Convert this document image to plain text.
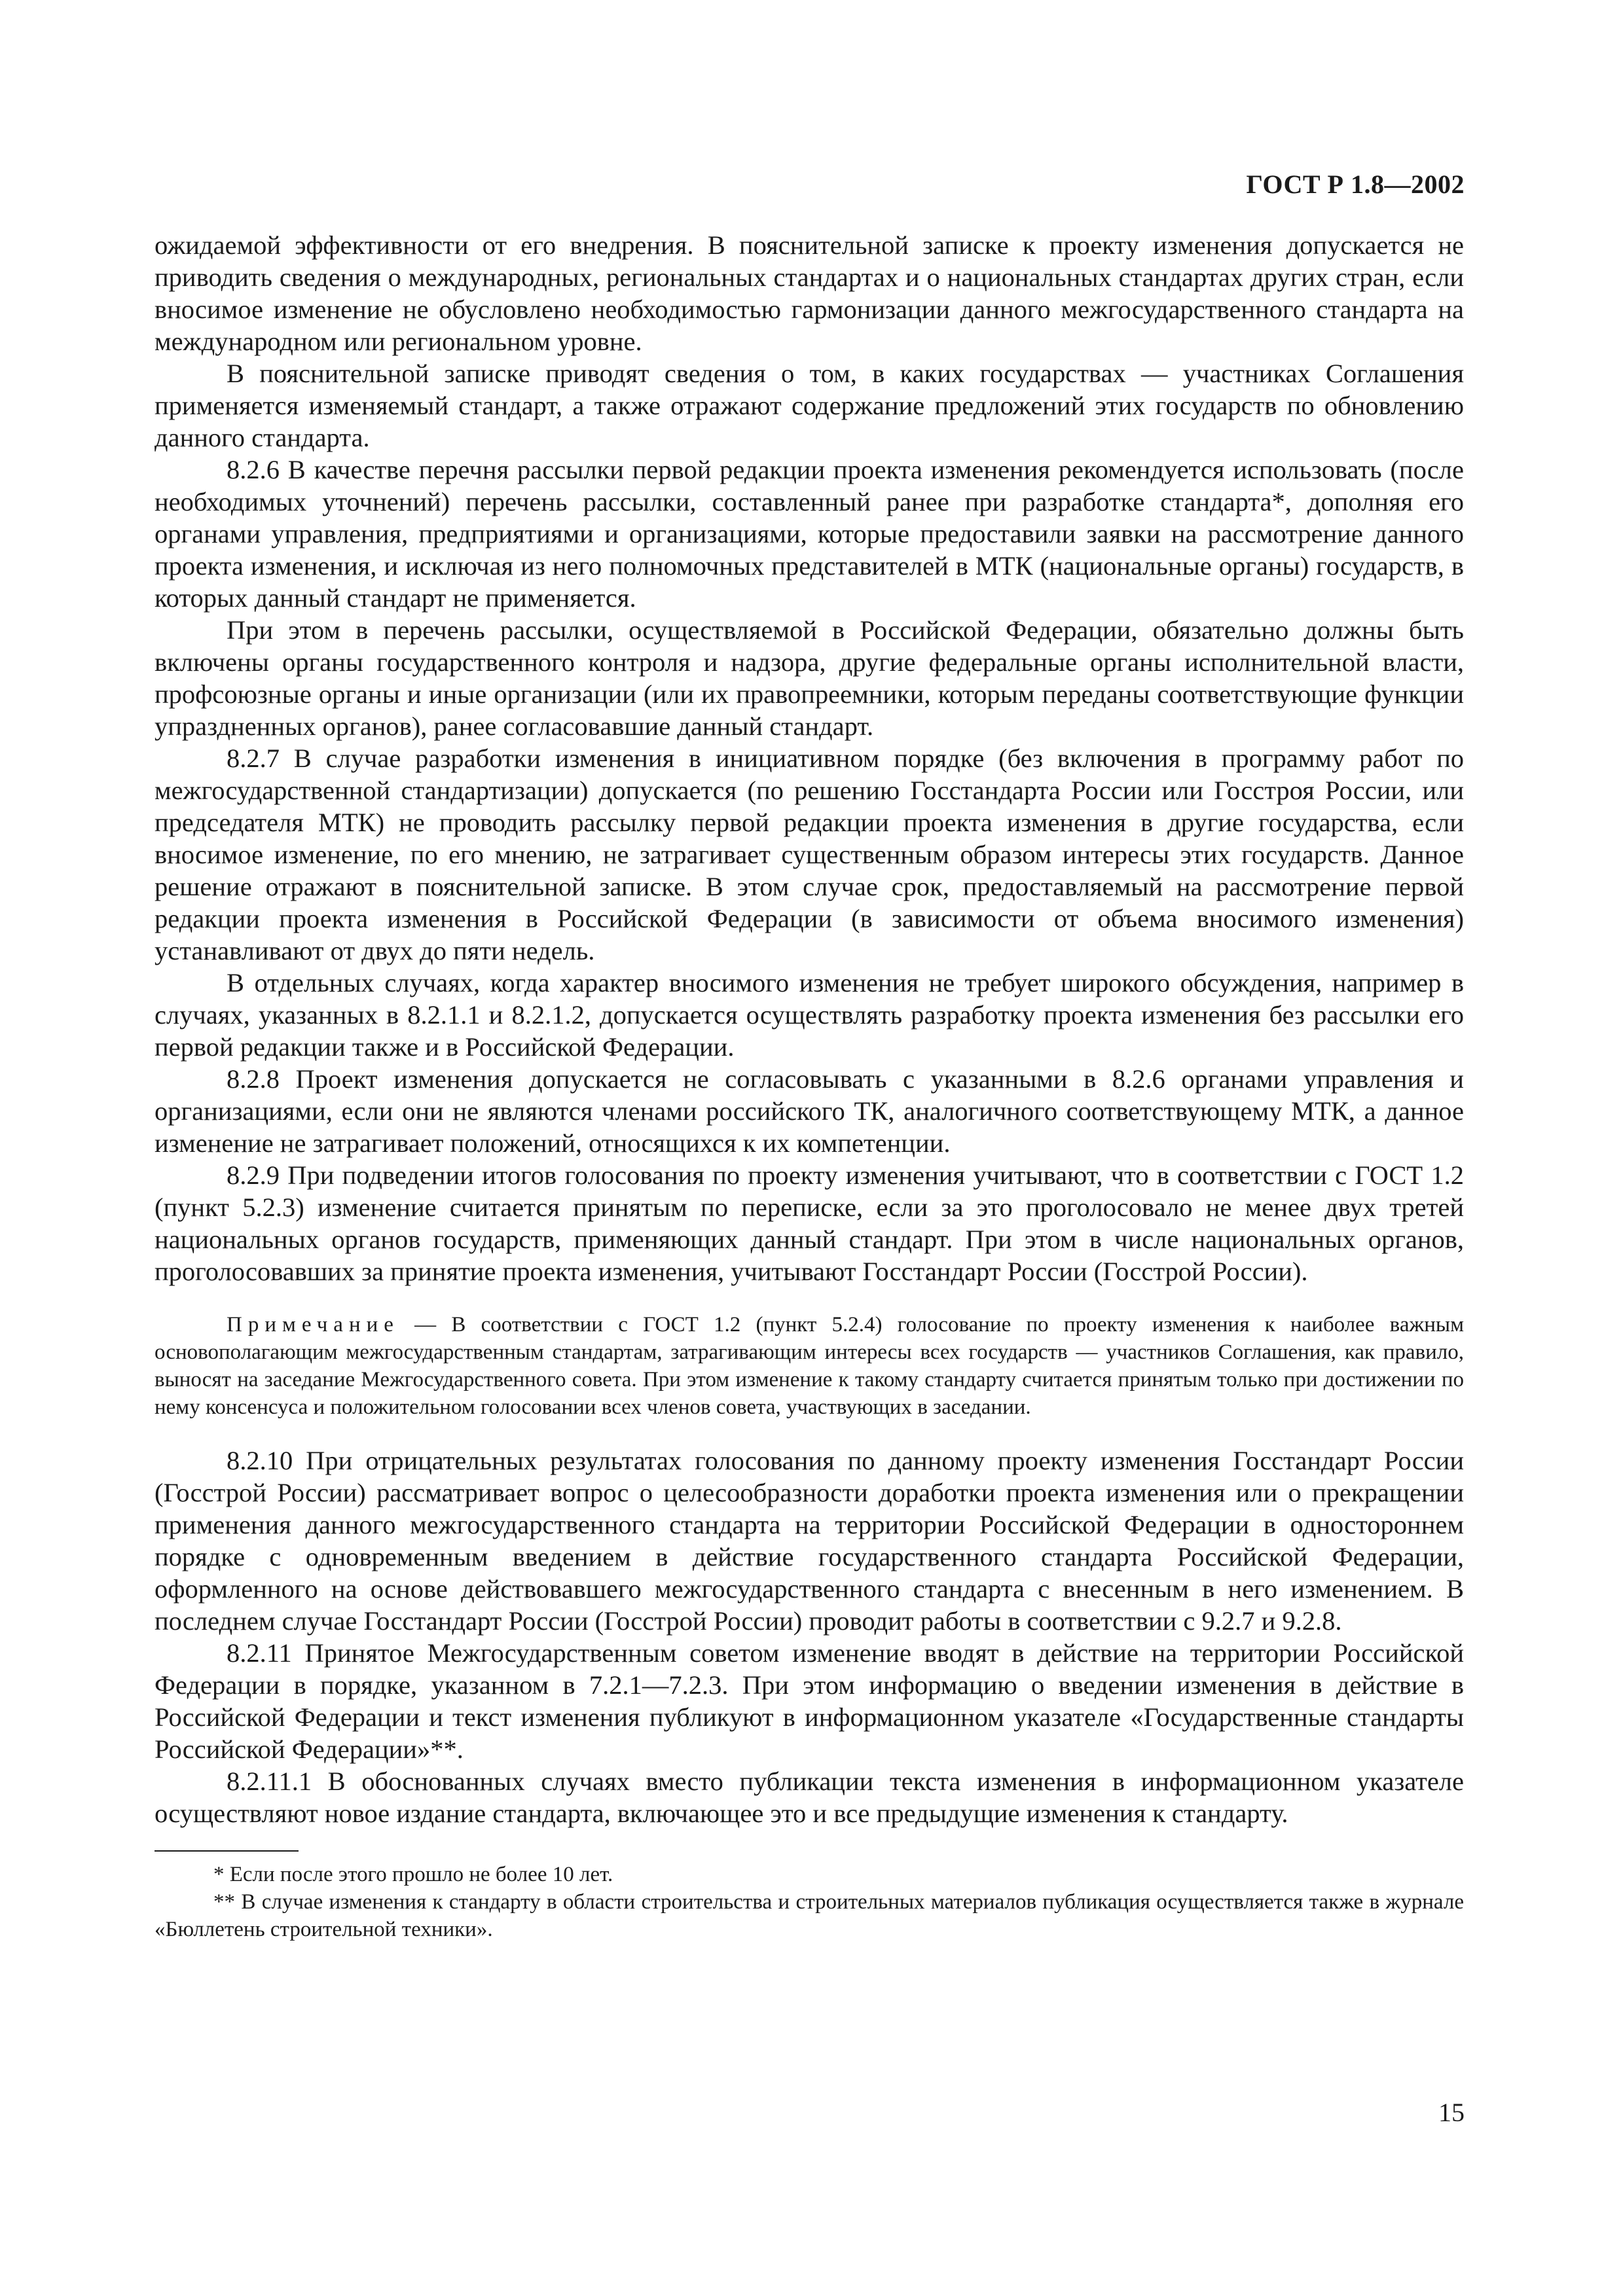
ГОСТ Р 1.8—2002

ожидаемой эффективности от его внедрения. В пояснительной записке к проекту изменения допускается не приводить сведения о международных, региональных стандартах и о национальных стандартах других стран, если вносимое изменение не обусловлено необходимостью гармонизации данного межгосударственного стандарта на международном или региональном уровне.

В пояснительной записке приводят сведения о том, в каких государствах — участниках Соглашения применяется изменяемый стандарт, а также отражают содержание предложений этих государств по обновлению данного стандарта.

8.2.6 В качестве перечня рассылки первой редакции проекта изменения рекомендуется использовать (после необходимых уточнений) перечень рассылки, составленный ранее при разработке стандарта*, дополняя его органами управления, предприятиями и организациями, которые предоставили заявки на рассмотрение данного проекта изменения, и исключая из него полномочных представителей в МТК (национальные органы) государств, в которых данный стандарт не применяется.

При этом в перечень рассылки, осуществляемой в Российской Федерации, обязательно должны быть включены органы государственного контроля и надзора, другие федеральные органы исполнительной власти, профсоюзные органы и иные организации (или их правопреемники, которым переданы соответствующие функции упраздненных органов), ранее согласовавшие данный стандарт.

8.2.7 В случае разработки изменения в инициативном порядке (без включения в программу работ по межгосударственной стандартизации) допускается (по решению Госстандарта России или Госстроя России, или председателя МТК) не проводить рассылку первой редакции проекта изменения в другие государства, если вносимое изменение, по его мнению, не затрагивает существенным образом интересы этих государств. Данное решение отражают в пояснительной записке. В этом случае срок, предоставляемый на рассмотрение первой редакции проекта изменения в Российской Федерации (в зависимости от объема вносимого изменения) устанавливают от двух до пяти недель.

В отдельных случаях, когда характер вносимого изменения не требует широкого обсуждения, например в случаях, указанных в 8.2.1.1 и 8.2.1.2, допускается осуществлять разработку проекта изменения без рассылки его первой редакции также и в Российской Федерации.

8.2.8 Проект изменения допускается не согласовывать с указанными в 8.2.6 органами управления и организациями, если они не являются членами российского ТК, аналогичного соответствующему МТК, а данное изменение не затрагивает положений, относящихся к их компетенции.

8.2.9 При подведении итогов голосования по проекту изменения учитывают, что в соответствии с ГОСТ 1.2 (пункт 5.2.3) изменение считается принятым по переписке, если за это проголосовало не менее двух третей национальных органов государств, применяющих данный стандарт. При этом в числе национальных органов, проголосовавших за принятие проекта изменения, учитывают Госстандарт России (Госстрой России).

Примечание — В соответствии с ГОСТ 1.2 (пункт 5.2.4) голосование по проекту изменения к наиболее важным основополагающим межгосударственным стандартам, затрагивающим интересы всех государств — участников Соглашения, как правило, выносят на заседание Межгосударственного совета. При этом изменение к такому стандарту считается принятым только при достижении по нему консенсуса и положительном голосовании всех членов совета, участвующих в заседании.

8.2.10 При отрицательных результатах голосования по данному проекту изменения Госстандарт России (Госстрой России) рассматривает вопрос о целесообразности доработки проекта изменения или о прекращении применения данного межгосударственного стандарта на территории Российской Федерации в одностороннем порядке с одновременным введением в действие государственного стандарта Российской Федерации, оформленного на основе действовавшего межгосударственного стандарта с внесенным в него изменением. В последнем случае Госстандарт России (Госстрой России) проводит работы в соответствии с 9.2.7 и 9.2.8.

8.2.11 Принятое Межгосударственным советом изменение вводят в действие на территории Российской Федерации в порядке, указанном в 7.2.1—7.2.3. При этом информацию о введении изменения в действие в Российской Федерации и текст изменения публикуют в информационном указателе «Государственные стандарты Российской Федерации»**.

8.2.11.1 В обоснованных случаях вместо публикации текста изменения в информационном указателе осуществляют новое издание стандарта, включающее это и все предыдущие изменения к стандарту.

* Если после этого прошло не более 10 лет.

** В случае изменения к стандарту в области строительства и строительных материалов публикация осуществляется также в журнале «Бюллетень строительной техники».

15
